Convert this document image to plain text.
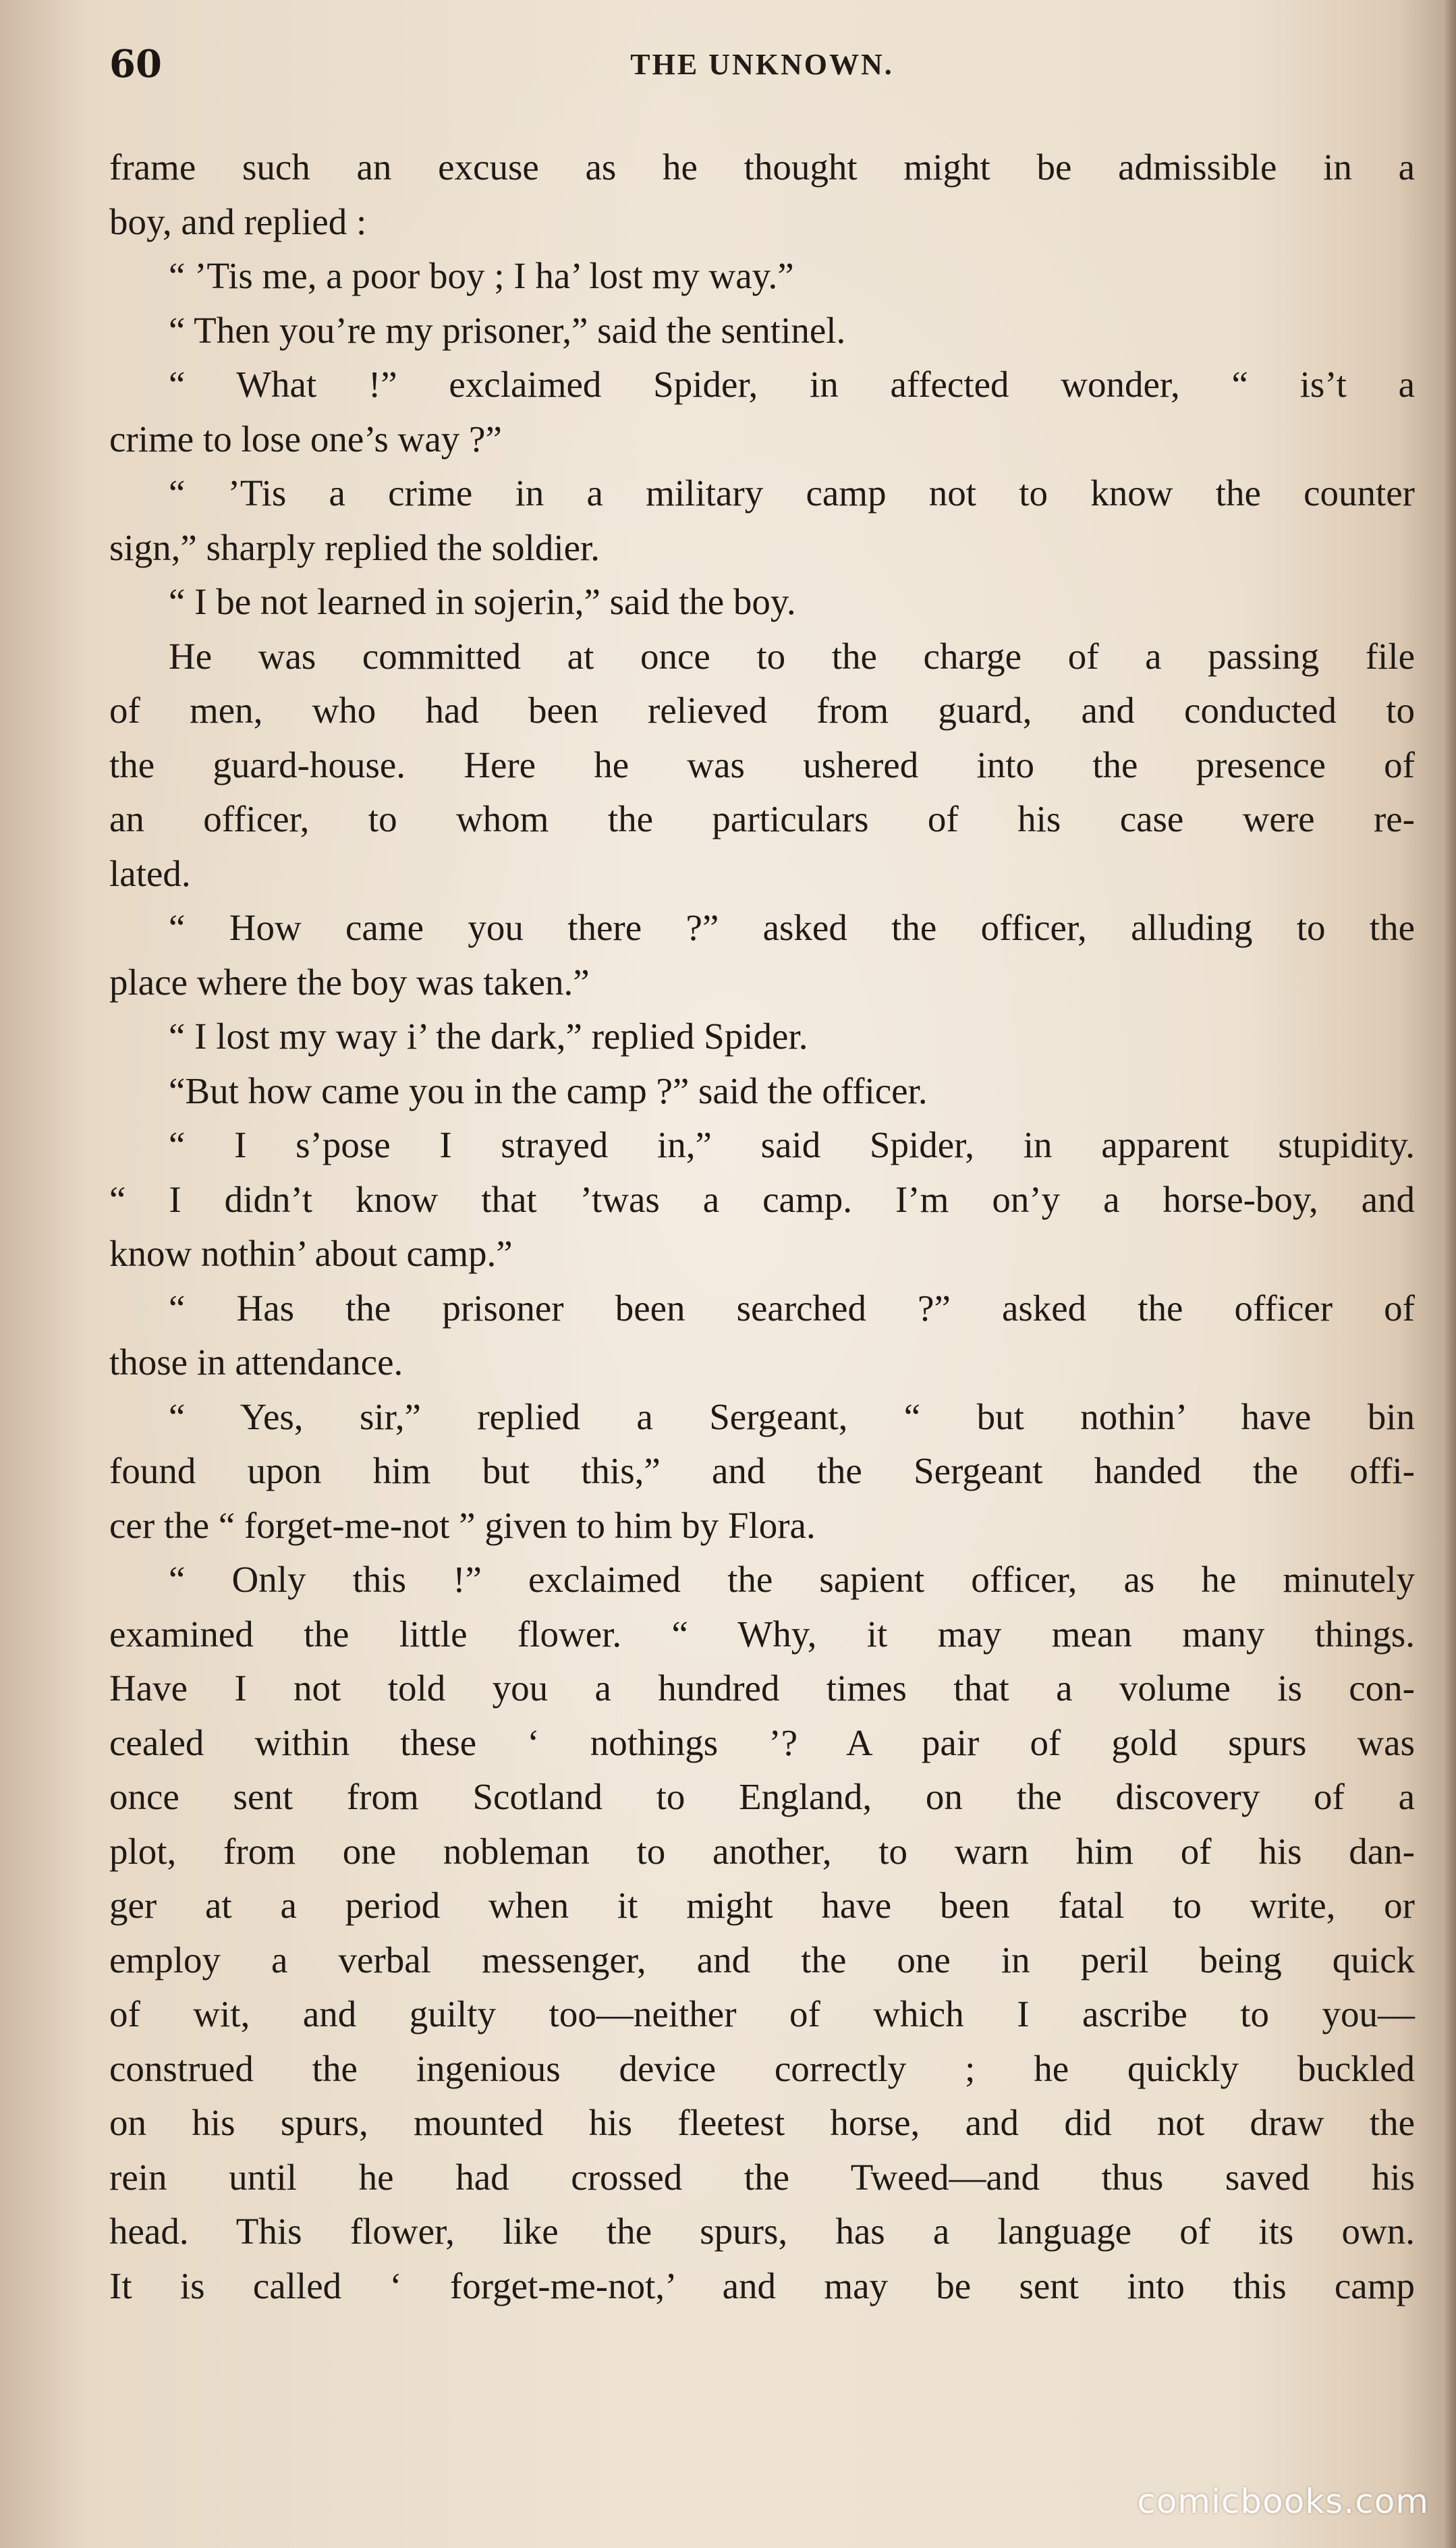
60	THE UNKNOWN.
frame such an excuse as he thought might be admissible in a
boy, and replied :
“ ’Tis me, a poor boy ; I ha’ lost my way.”
“ Then you’re my prisoner,” said the sentinel.
“ What !” exclaimed Spider, in affected wonder, “ is’t a
crime to lose one’s way ?”
“ ’Tis a crime in a military camp not to know the counter
sign,” sharply replied the soldier.
“ I be not learned in sojerin,” said the boy.
He was committed at once to the charge of a passing file
of men, who had been relieved from guard, and conducted to
the guard-house. Here he was ushered into the presence of
an officer, to whom the particulars of his case were re-
lated.
“ How came you there ?” asked the officer, alluding to the
place where the boy was taken.”
“ I lost my way i’ the dark,” replied Spider.
“But how came you in the camp ?” said the officer.
“ I s’pose I strayed in,” said Spider, in apparent stupidity.
“ I didn’t know that ’twas a camp. I’m on’y a horse-boy, and
know nothin’ about camp.”
“ Has the prisoner been searched ?” asked the officer of
those in attendance.
“ Yes, sir,” replied a Sergeant, “ but nothin’ have bin
found upon him but this,” and the Sergeant handed the offi-
cer the “ forget-me-not ” given to him by Flora.
“ Only this !” exclaimed the sapient officer, as he minutely
examined the little flower. “ Why, it may mean many things.
Have I not told you a hundred times that a volume is con-
cealed within these ‘ nothings ’? A pair of gold spurs was
once sent from Scotland to England, on the discovery of a
plot, from one nobleman to another, to warn him of his dan-
ger at a period when it might have been fatal to write, or
employ a verbal messenger, and the one in peril being quick
of wit, and guilty too—neither of which I ascribe to you—
construed the ingenious device correctly ; he quickly buckled
on his spurs, mounted his fleetest horse, and did not draw the
rein until he had crossed the Tweed—and thus saved his
head. This flower, like the spurs, has a language of its own.
It is called ‘ forget-me-not,’ and may be sent into this camp
comicbooks.com
